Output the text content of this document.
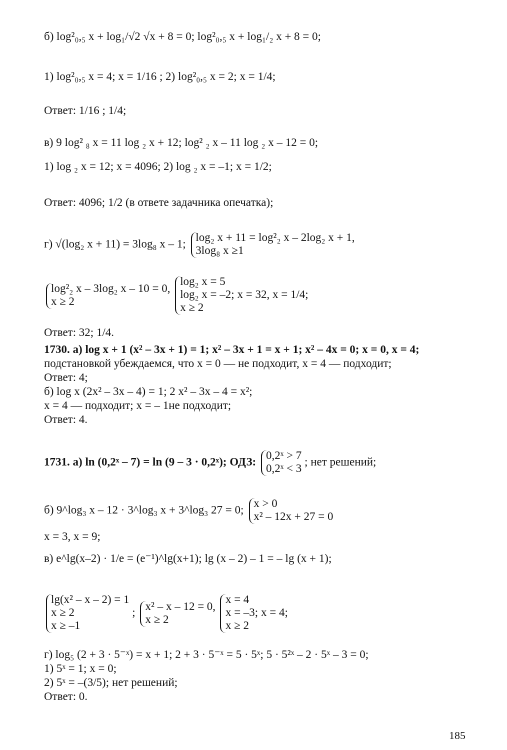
б) log²₀,₅ x + log₁/√2 √x + 8 = 0; log²₀,₅ x + log₁/₂ x + 8 = 0;
1) log²₀,₅ x = 4; x = 1/16 ; 2) log²₀,₅ x = 2; x = 1/4;
Ответ: 1/16 ; 1/4;
в) 9 log² ₈ x = 11 log ₂ x + 12; log² ₂ x – 11 log ₂ x – 12 = 0;
1) log ₂ x = 12; x = 4096; 2) log ₂ x = –1; x = 1/2;
Ответ: 4096; 1/2 (в ответе задачника опечатка);
г) √(log₂ x + 11) = 3log₈ x – 1;
log₂ x + 11 = log²₂ x – 2log₂ x + 1,
3log₈ x ≥1
log²₂ x – 3log₂ x – 10 = 0,
x ≥ 2

log₂ x = 5
log₂ x = –2;
x ≥ 2
x = 32, x = 1/4;
Ответ: 32; 1/4.
1730. а) log x + 1 (x² – 3x + 1) = 1; x² – 3x + 1 = x + 1; x² – 4x = 0; x = 0, x = 4;
подстановкой убеждаемся, что x = 0 — не подходит, x = 4 — подходит;
Ответ: 4;
б) log x (2x² – 3x – 4) = 1; 2 x² – 3x – 4 = x²;
x = 4 — подходит; x = – 1не подходит;
Ответ: 4.
1731. а) ln (0,2ˣ – 7) = ln (9 – 3 · 0,2ˣ); ОДЗ:
0,2ˣ > 7
0,2ˣ < 3
; нет решений;
б) 9^log₃ x – 12 · 3^log₃ x + 3^log₃ 27 = 0;
x > 0
x² – 12x + 27 = 0
x = 3, x = 9;
в) e^lg(x–2) · 1/e = (e⁻¹)^lg(x+1); lg (x – 2) – 1 = – lg (x + 1);
lg(x² – x – 2) = 1
x ≥ 2
x ≥ –1
;
x² – x – 12 = 0,
x ≥ 2

x = 4
x = –3;
x ≥ 2
x = 4;
г) log₅ (2 + 3 · 5⁻ˣ) = x + 1; 2 + 3 · 5⁻ˣ = 5 · 5ˣ; 5 · 5²ˣ – 2 · 5ˣ – 3 = 0;
1) 5ˣ = 1; x = 0;
2) 5ˣ = –(3/5); нет решений;
Ответ: 0.
185
